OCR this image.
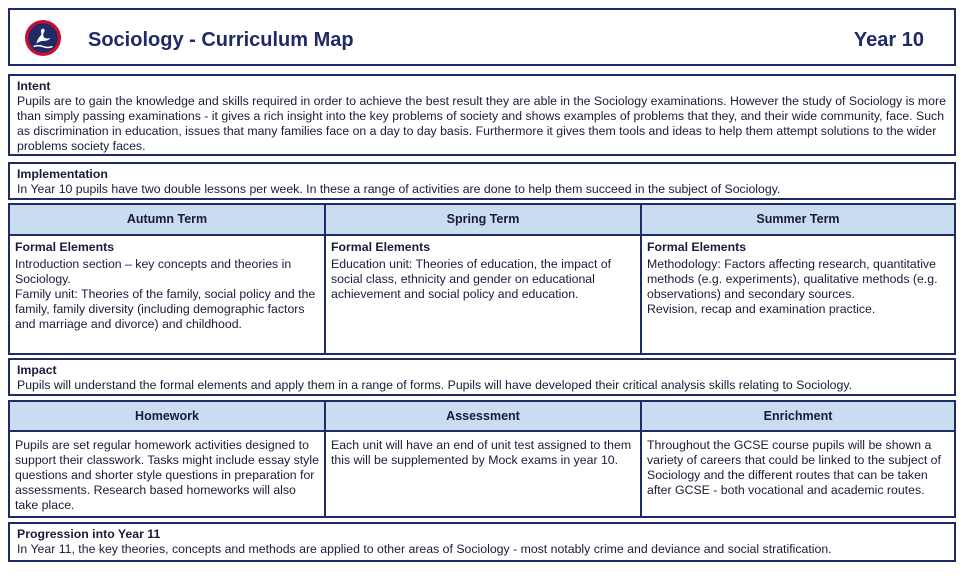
Sociology - Curriculum Map	Year 10
Intent
Pupils are to gain the knowledge and skills required in order to achieve the best result they are able in the Sociology examinations. However the study of Sociology is more than simply passing examinations - it gives a rich insight into the key problems of society and shows examples of problems that they, and their wide community, face. Such as discrimination in education, issues that many families face on a day to day basis. Furthermore it gives them tools and ideas to help them attempt solutions to the wider problems society faces.
Implementation
In Year 10 pupils have two double lessons per week. In these a range of activities are done to help them succeed in the subject of Sociology.
Autumn Term
Formal Elements
Introduction section – key concepts and theories in Sociology.
Family unit: Theories of the family, social policy and the family, family diversity (including demographic factors and marriage and divorce) and childhood.
Spring Term
Formal Elements
Education unit: Theories of education, the impact of social class, ethnicity and gender on educational achievement and social policy and education.
Summer Term
Formal Elements
Methodology: Factors affecting research, quantitative methods (e.g. experiments), qualitative methods (e.g. observations) and secondary sources.
Revision, recap and examination practice.
Impact
Pupils will understand the formal elements and apply them in a range of forms. Pupils will have developed their critical analysis skills relating to Sociology.
Homework
Pupils are set regular homework activities designed to support their classwork. Tasks might include essay style questions and shorter style questions in preparation for assessments. Research based homeworks will also take place.
Assessment
Each unit will have an end of unit test assigned to them this will be supplemented by Mock exams in year 10.
Enrichment
Throughout the GCSE course pupils will be shown a variety of careers that could be linked to the subject of Sociology and the different routes that can be taken after GCSE - both vocational and academic routes.
Progression into Year 11
In Year 11, the key theories, concepts and methods are applied to other areas of Sociology - most notably crime and deviance and social stratification.
